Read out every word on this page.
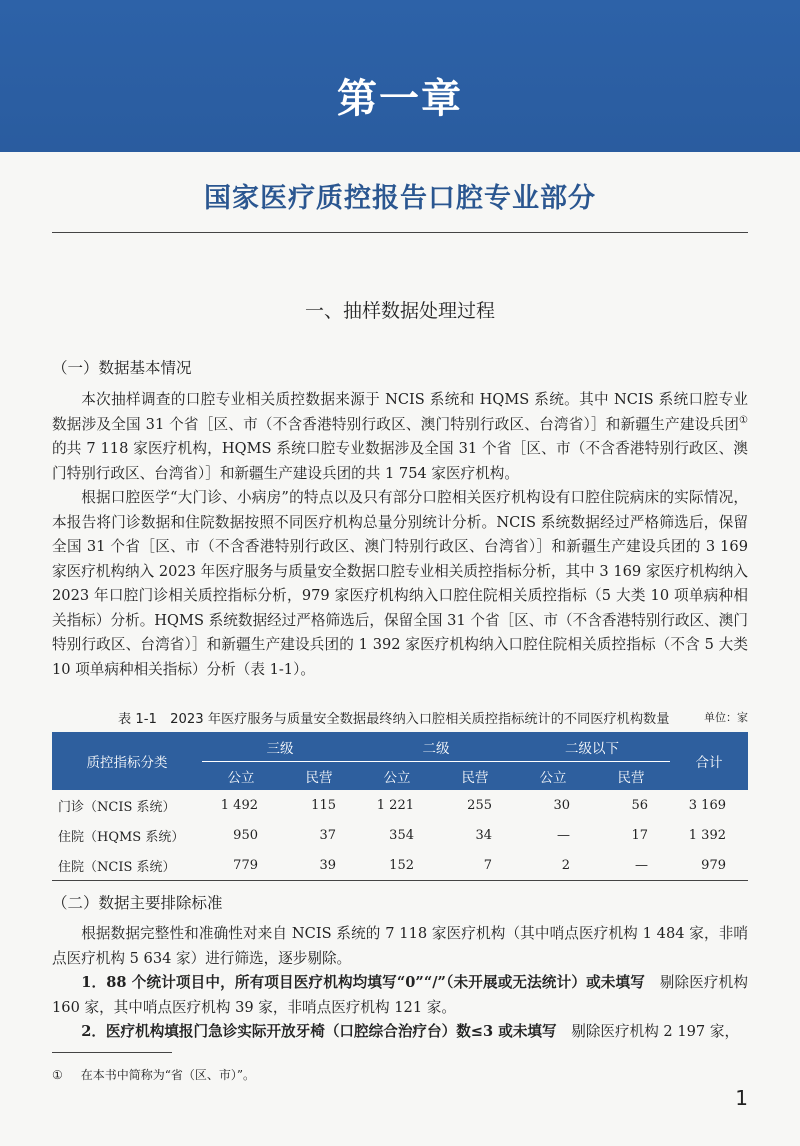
第一章
国家医疗质控报告口腔专业部分
一、抽样数据处理过程
（一）数据基本情况

本次抽样调查的口腔专业相关质控数据来源于 NCIS 系统和 HQMS 系统。其中 NCIS 系统口腔专业数据涉及全国 31 个省［区、市（不含香港特别行政区、澳门特别行政区、台湾省）］和新疆生产建设兵团①的共 7 118 家医疗机构，HQMS 系统口腔专业数据涉及全国 31 个省［区、市（不含香港特别行政区、澳门特别行政区、台湾省）］和新疆生产建设兵团的共 1 754 家医疗机构。

根据口腔医学“大门诊、小病房”的特点以及只有部分口腔相关医疗机构设有口腔住院病床的实际情况，本报告将门诊数据和住院数据按照不同医疗机构总量分别统计分析。NCIS 系统数据经过严格筛选后，保留全国 31 个省［区、市（不含香港特别行政区、澳门特别行政区、台湾省）］和新疆生产建设兵团的 3 169 家医疗机构纳入 2023 年医疗服务与质量安全数据口腔专业相关质控指标分析，其中 3 169 家医疗机构纳入 2023 年口腔门诊相关质控指标分析，979 家医疗机构纳入口腔住院相关质控指标（5 大类 10 项单病种相关指标）分析。HQMS 系统数据经过严格筛选后，保留全国 31 个省［区、市（不含香港特别行政区、澳门特别行政区、台湾省）］和新疆生产建设兵团的 1 392 家医疗机构纳入口腔住院相关质控指标（不含 5 大类 10 项单病种相关指标）分析（表 1-1）。

表 1-1　2023 年医疗服务与质量安全数据最终纳入口腔相关质控指标统计的不同医疗机构数量	单位：家
质控指标分类	三级		二级		二级以下		合计
	公立	民营	公立	民营	公立	民营	
门诊（NCIS 系统）	1 492	115	1 221	255	30	56	3 169
住院（HQMS 系统）	950	37	354	34	—	17	1 392
住院（NCIS 系统）	779	39	152	7	2	—	979
（二）数据主要排除标准

根据数据完整性和准确性对来自 NCIS 系统的 7 118 家医疗机构（其中哨点医疗机构 1 484 家，非哨点医疗机构 5 634 家）进行筛选，逐步剔除。

1．88 个统计项目中，所有项目医疗机构均填写“0”“/”（未开展或无法统计）或未填写　 剔除医疗机构 160 家，其中哨点医疗机构 39 家，非哨点医疗机构 121 家。

2．医疗机构填报门急诊实际开放牙椅（口腔综合治疗台）数≤3 或未填写　 剔除医疗机构 2 197 家，

① 在本书中简称为“省（区、市）”。
1
